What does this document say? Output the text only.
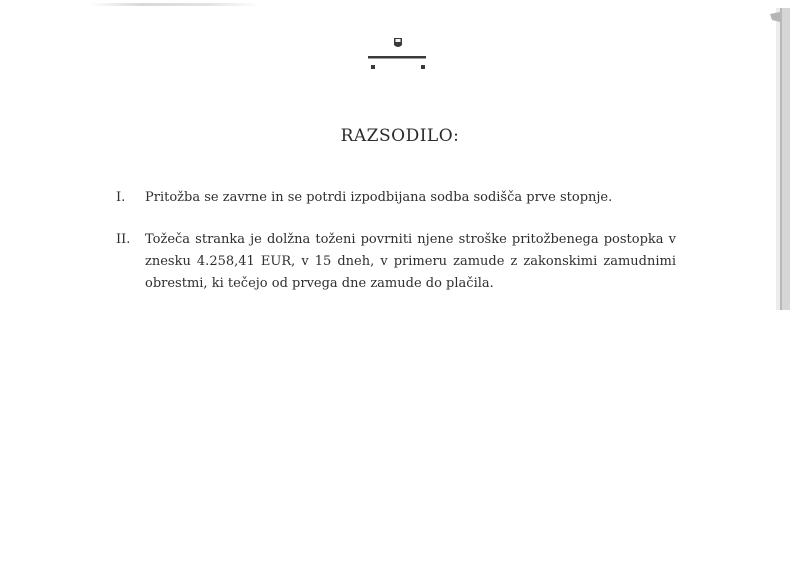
RAZSODILO:
I. Pritožba se zavrne in se potrdi izpodbijana sodba sodišča prve stopnje.
II. Tožeča stranka je dolžna toženi povrniti njene stroške pritožbenega postopka v
znesku 4.258,41 EUR, v 15 dneh, v primeru zamude z zakonskimi zamudnimi
obrestmi, ki tečejo od prvega dne zamude do plačila.
